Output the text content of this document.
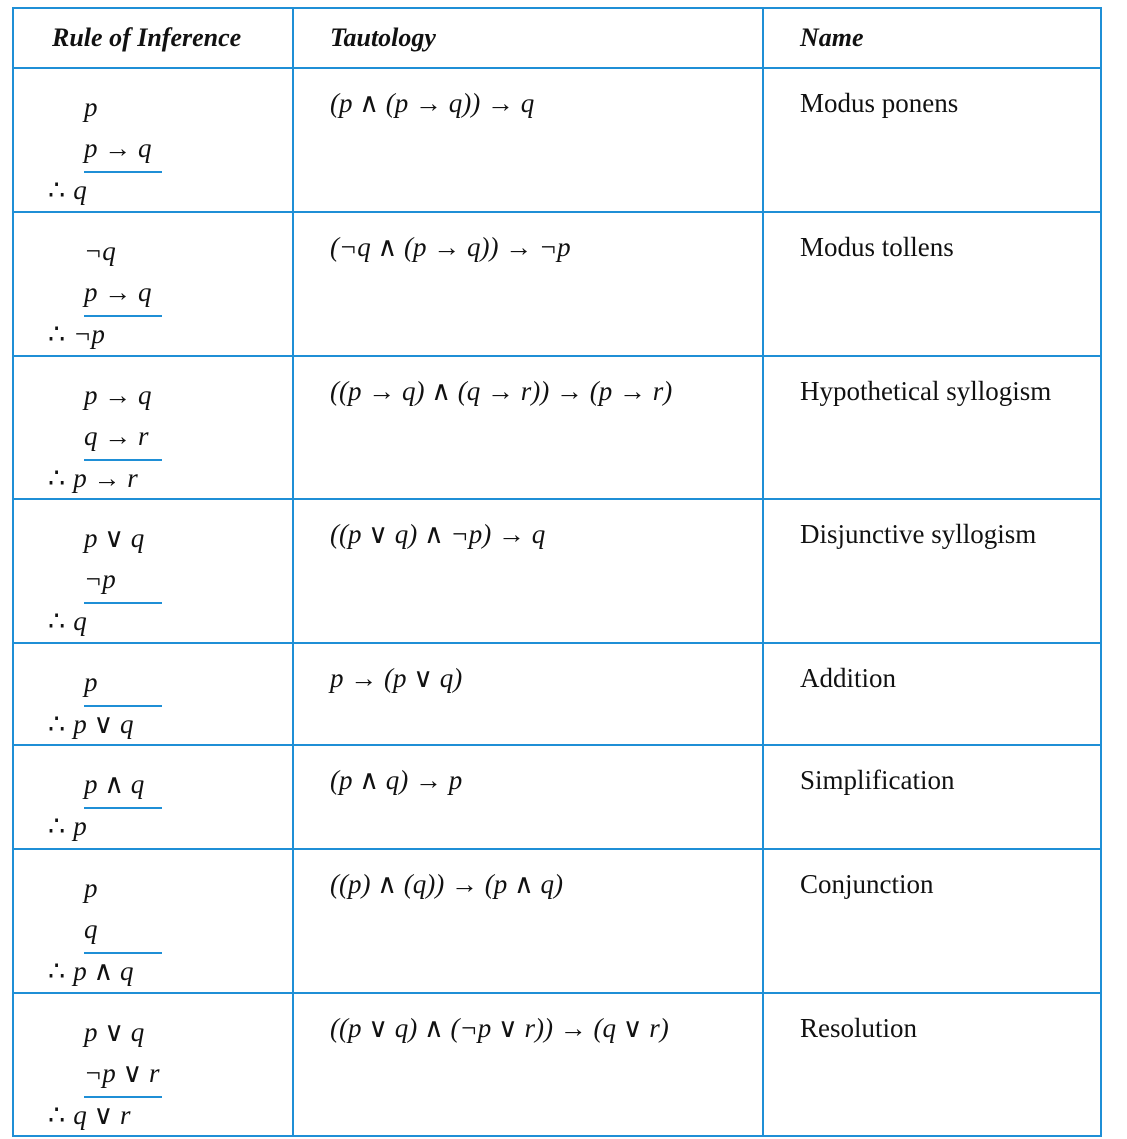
Rule of Inference	Tautology	Name

p
p → q
∴ q	(p ∧ (p → q)) → q	Modus ponens

¬q
p → q
∴ ¬p	(¬q ∧ (p → q)) → ¬p	Modus tollens

p → q
q → r
∴ p → r	((p → q) ∧ (q → r)) → (p → r)	Hypothetical syllogism

p ∨ q
¬p
∴ q	((p ∨ q) ∧ ¬p) → q	Disjunctive syllogism

p
∴ p ∨ q	p → (p ∨ q)	Addition

p ∧ q
∴ p	(p ∧ q) → p	Simplification

p
q
∴ p ∧ q	((p) ∧ (q)) → (p ∧ q)	Conjunction

p ∨ q
¬p ∨ r
∴ q ∨ r	((p ∨ q) ∧ (¬p ∨ r)) → (q ∨ r)	Resolution
